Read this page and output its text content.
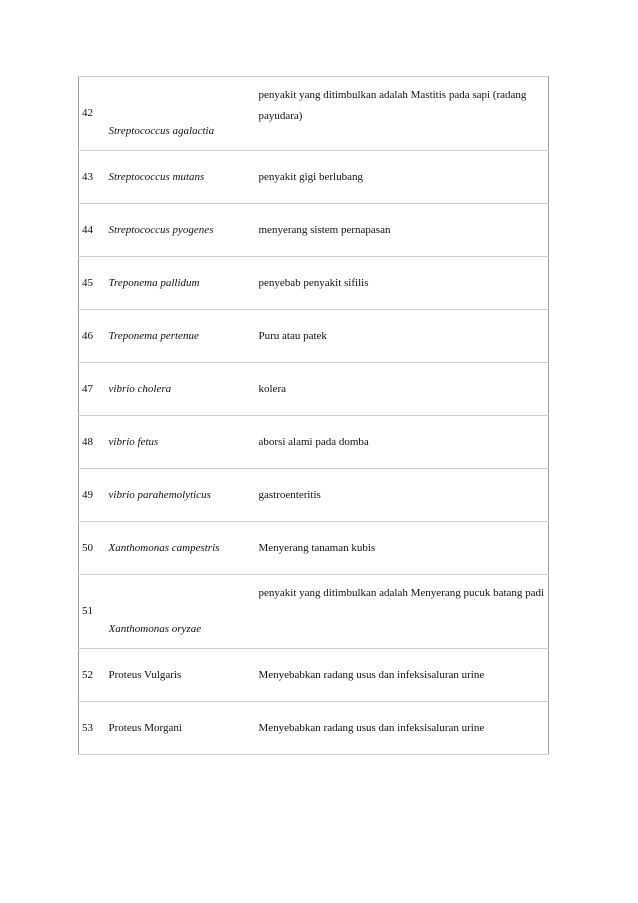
42	Streptococcus agalactia	penyakit yang ditimbulkan adalah Mastitis pada sapi (radang payudara)
43	Streptococcus mutans	penyakit gigi berlubang
44	Streptococcus pyogenes	menyerang sistem pernapasan
45	Treponema pallidum	penyebab penyakit sifilis
46	Treponema pertenue	Puru atau patek
47	vibrio cholera	kolera
48	vibrio fetus	aborsi alami pada domba
49	vibrio parahemolyticus	gastroenteritis
50	Xanthomonas campestris	Menyerang tanaman kubis
51	Xanthomonas oryzae	penyakit yang ditimbulkan adalah Menyerang pucuk batang padi
52	Proteus Vulgaris	Menyebabkan radang usus dan infeksisaluran urine
53	Proteus Morgani	Menyebabkan radang usus dan infeksisaluran urine
